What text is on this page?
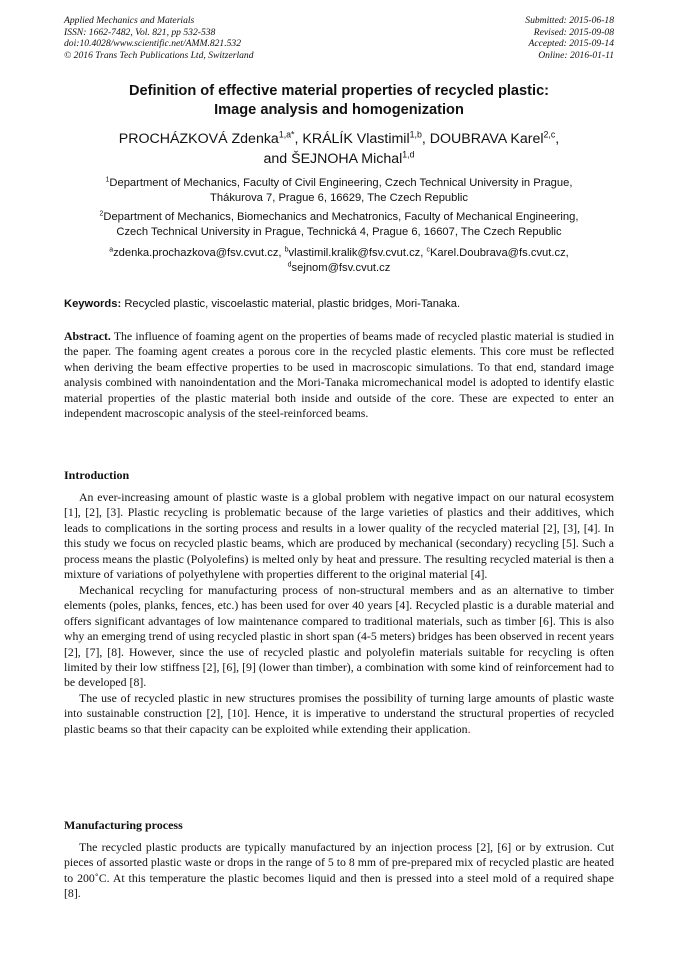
Applied Mechanics and Materials
ISSN: 1662-7482, Vol. 821, pp 532-538
doi:10.4028/www.scientific.net/AMM.821.532
© 2016 Trans Tech Publications Ltd, Switzerland
Submitted: 2015-06-18
Revised: 2015-09-08
Accepted: 2015-09-14
Online: 2016-01-11
Definition of effective material properties of recycled plastic:
Image analysis and homogenization
PROCHÁZKOVÁ Zdenka$^{1,a*}$, KRÁLÍK Vlastimil$^{1,b}$, DOUBRAVA Karel$^{2,c}$,
and ŠEJNOHA Michal$^{1,d}$
$^1$Department of Mechanics, Faculty of Civil Engineering, Czech Technical University in Prague,
Thákurova 7, Prague 6, 16629, The Czech Republic
$^2$Department of Mechanics, Biomechanics and Mechatronics, Faculty of Mechanical Engineering,
Czech Technical University in Prague, Technická 4, Prague 6, 16607, The Czech Republic
$^a$zdenka.prochazkova@fsv.cvut.cz, $^b$vlastimil.kralik@fsv.cvut.cz, $^c$Karel.Doubrava@fs.cvut.cz,
$^d$sejnom@fsv.cvut.cz
Keywords: Recycled plastic, viscoelastic material, plastic bridges, Mori-Tanaka.
Abstract. The influence of foaming agent on the properties of beams made of recycled plastic material is studied in the paper. The foaming agent creates a porous core in the recycled plastic elements. This core must be reflected when deriving the beam effective properties to be used in macroscopic simulations. To that end, standard image analysis combined with nanoindentation and the Mori-Tanaka micromechanical model is adopted to identify elastic material properties of the plastic material both inside and outside of the core. These are expected to enter an independent macroscopic analysis of the steel-reinforced beams.
Introduction

An ever-increasing amount of plastic waste is a global problem with negative impact on our natural ecosystem [1], [2], [3]. Plastic recycling is problematic because of the large varieties of plastics and their additives, which leads to complications in the sorting process and results in a lower quality of the recycled material [2], [3], [4]. In this study we focus on recycled plastic beams, which are produced by mechanical (secondary) recycling [5]. Such a process means the plastic (Polyolefins) is melted only by heat and pressure. The resulting recycled material is then a mixture of variations of polyethylene with properties different to the original material [4].

Mechanical recycling for manufacturing process of non-structural members and as an alternative to timber elements (poles, planks, fences, etc.) has been used for over 40 years [4]. Recycled plastic is a durable material and offers significant advantages of low maintenance compared to traditional materials, such as timber [6]. This is also why an emerging trend of using recycled plastic in short span (4-5 meters) bridges has been observed in recent years [2], [7], [8]. However, since the use of recycled plastic and polyolefin materials suitable for recycling is often limited by their low stiffness [2], [6], [9] (lower than timber), a combination with some kind of reinforcement had to be developed [8].

The use of recycled plastic in new structures promises the possibility of turning large amounts of plastic waste into sustainable construction [2], [10]. Hence, it is imperative to understand the structural properties of recycled plastic beams so that their capacity can be exploited while extending their application.

Manufacturing process

The recycled plastic products are typically manufactured by an injection process [2], [6] or by extrusion. Cut pieces of assorted plastic waste or drops in the range of 5 to 8 mm of pre-prepared mix of recycled plastic are heated to 200˚C. At this temperature the plastic becomes liquid and then is pressed into a steel mold of a required shape [8].
